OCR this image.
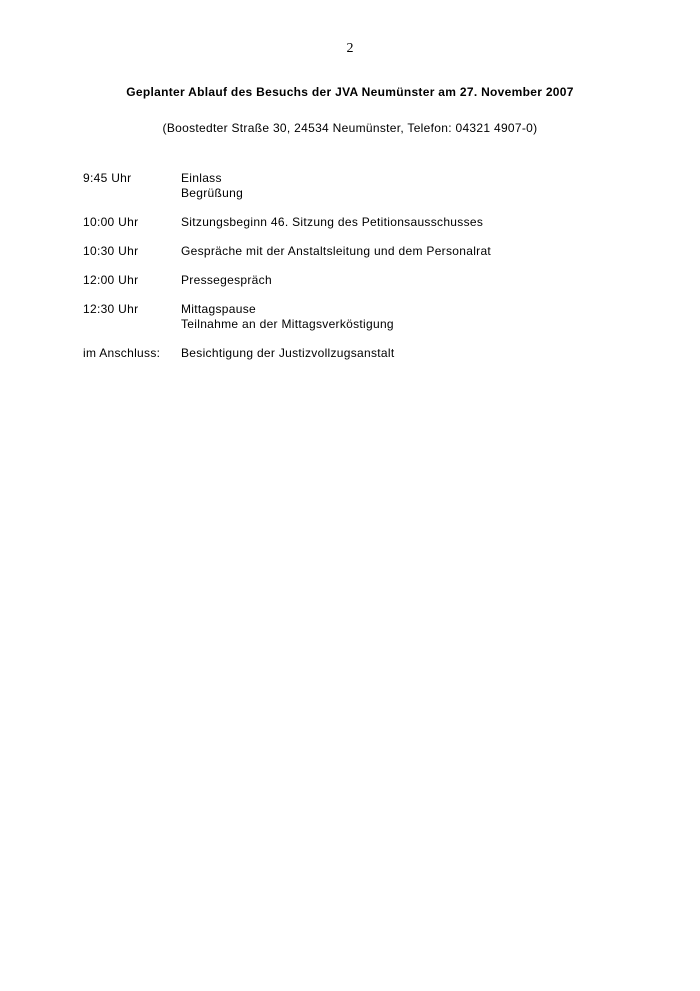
2
Geplanter Ablauf des Besuchs der JVA Neumünster am 27. November 2007
(Boostedter Straße 30, 24534 Neumünster, Telefon: 04321 4907-0)
9:45 Uhr	Einlass
Begrüßung
10:00 Uhr	Sitzungsbeginn 46. Sitzung des Petitionsausschusses
10:30 Uhr	Gespräche mit der Anstaltsleitung und dem Personalrat
12:00 Uhr	Pressegespräch
12:30 Uhr	Mittagspause
Teilnahme an der Mittagsverköstigung
im Anschluss:	Besichtigung der Justizvollzugsanstalt
